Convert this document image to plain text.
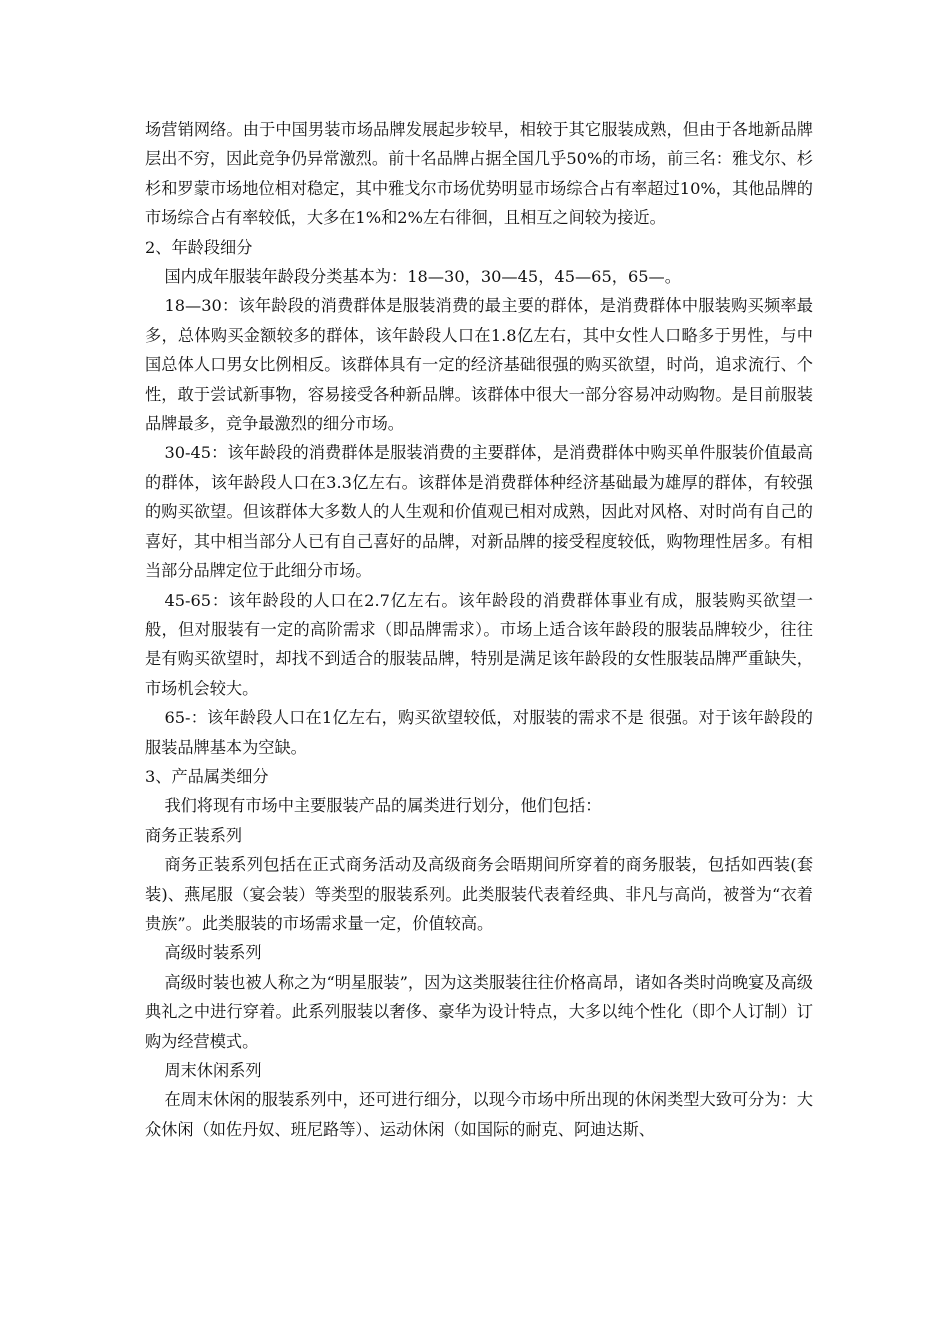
场营销网络。由于中国男装市场品牌发展起步较早，相较于其它服装成熟，但由于各地新品牌层出不穷，因此竞争仍异常激烈。前十名品牌占据全国几乎50%的市场，前三名：雅戈尔、杉杉和罗蒙市场地位相对稳定，其中雅戈尔市场优势明显市场综合占有率超过10%，其他品牌的市场综合占有率较低，大多在1%和2%左右徘徊，且相互之间较为接近。

2、年龄段细分

国内成年服装年龄段分类基本为：18—30，30—45，45—65，65—。

18—30：该年龄段的消费群体是服装消费的最主要的群体，是消费群体中服装购买频率最多，总体购买金额较多的群体，该年龄段人口在1.8亿左右，其中女性人口略多于男性，与中国总体人口男女比例相反。该群体具有一定的经济基础很强的购买欲望，时尚，追求流行、个性，敢于尝试新事物，容易接受各种新品牌。该群体中很大一部分容易冲动购物。是目前服装品牌最多，竞争最激烈的细分市场。

30-45：该年龄段的消费群体是服装消费的主要群体，是消费群体中购买单件服装价值最高的群体，该年龄段人口在3.3亿左右。该群体是消费群体种经济基础最为雄厚的群体，有较强的购买欲望。但该群体大多数人的人生观和价值观已相对成熟，因此对风格、对时尚有自己的喜好，其中相当部分人已有自己喜好的品牌，对新品牌的接受程度较低，购物理性居多。有相当部分品牌定位于此细分市场。

45-65：该年龄段的人口在2.7亿左右。该年龄段的消费群体事业有成，服装购买欲望一般，但对服装有一定的高阶需求（即品牌需求）。市场上适合该年龄段的服装品牌较少，往往是有购买欲望时，却找不到适合的服装品牌，特别是满足该年龄段的女性服装品牌严重缺失，市场机会较大。

65-：该年龄段人口在1亿左右，购买欲望较低，对服装的需求不是 很强。对于该年龄段的服装品牌基本为空缺。

3、产品属类细分

我们将现有市场中主要服装产品的属类进行划分，他们包括：

商务正装系列

商务正装系列包括在正式商务活动及高级商务会晤期间所穿着的商务服装，包括如西装(套装)、燕尾服（宴会装）等类型的服装系列。此类服装代表着经典、非凡与高尚，被誉为“衣着贵族”。此类服装的市场需求量一定，价值较高。

高级时装系列

高级时装也被人称之为“明星服装”，因为这类服装往往价格高昂，诸如各类时尚晚宴及高级典礼之中进行穿着。此系列服装以奢侈、豪华为设计特点，大多以纯个性化（即个人订制）订购为经营模式。

周末休闲系列

在周末休闲的服装系列中，还可进行细分，以现今市场中所出现的休闲类型大致可分为：大众休闲（如佐丹奴、班尼路等）、运动休闲（如国际的耐克、阿迪达斯、
